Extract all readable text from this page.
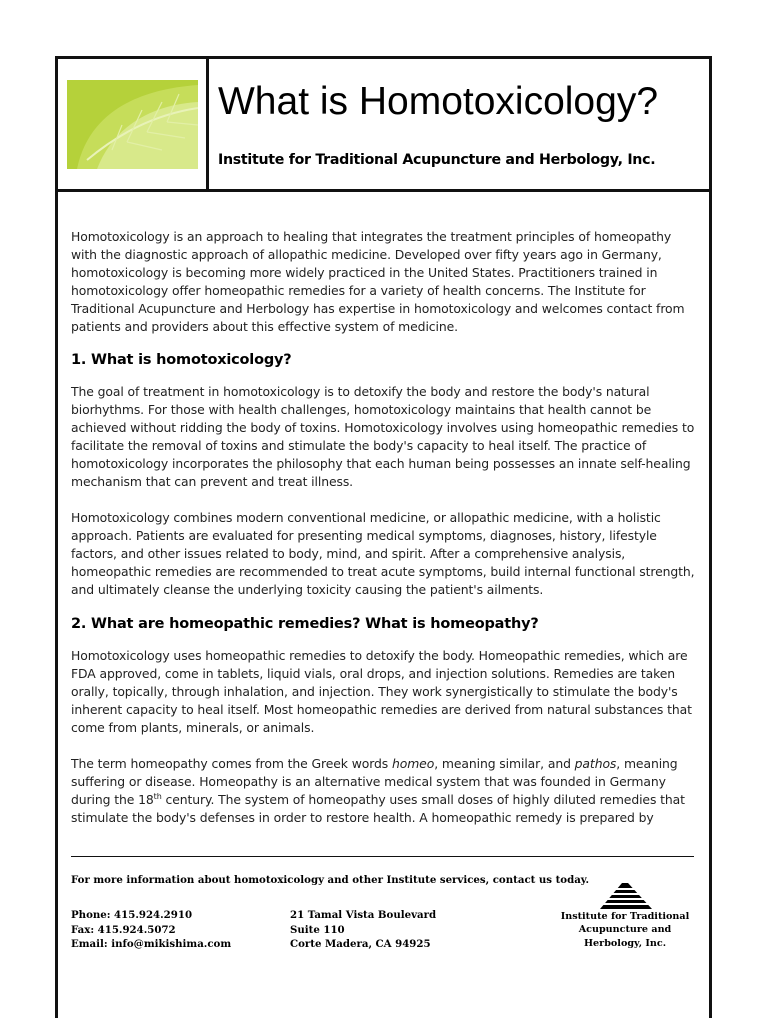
What is Homotoxicology?
Institute for Traditional Acupuncture and Herbology, Inc.

Homotoxicology is an approach to healing that integrates the treatment principles of homeopathy with the diagnostic approach of allopathic medicine. Developed over fifty years ago in Germany, homotoxicology is becoming more widely practiced in the United States. Practitioners trained in homotoxicology offer homeopathic remedies for a variety of health concerns. The Institute for Traditional Acupuncture and Herbology has expertise in homotoxicology and welcomes contact from patients and providers about this effective system of medicine.

1. What is homotoxicology?

The goal of treatment in homotoxicology is to detoxify the body and restore the body's natural biorhythms. For those with health challenges, homotoxicology maintains that health cannot be achieved without ridding the body of toxins. Homotoxicology involves using homeopathic remedies to facilitate the removal of toxins and stimulate the body's capacity to heal itself. The practice of homotoxicology incorporates the philosophy that each human being possesses an innate self-healing mechanism that can prevent and treat illness.

Homotoxicology combines modern conventional medicine, or allopathic medicine, with a holistic approach. Patients are evaluated for presenting medical symptoms, diagnoses, history, lifestyle factors, and other issues related to body, mind, and spirit. After a comprehensive analysis, homeopathic remedies are recommended to treat acute symptoms, build internal functional strength, and ultimately cleanse the underlying toxicity causing the patient's ailments.

2. What are homeopathic remedies? What is homeopathy?

Homotoxicology uses homeopathic remedies to detoxify the body. Homeopathic remedies, which are FDA approved, come in tablets, liquid vials, oral drops, and injection solutions. Remedies are taken orally, topically, through inhalation, and injection. They work synergistically to stimulate the body's inherent capacity to heal itself. Most homeopathic remedies are derived from natural substances that come from plants, minerals, or animals.

The term homeopathy comes from the Greek words homeo, meaning similar, and pathos, meaning suffering or disease. Homeopathy is an alternative medical system that was founded in Germany during the 18th century. The system of homeopathy uses small doses of highly diluted remedies that stimulate the body's defenses in order to restore health. A homeopathic remedy is prepared by

For more information about homotoxicology and other Institute services, contact us today.
Phone: 415.924.2910
Fax: 415.924.5072
Email: info@mikishima.com
21 Tamal Vista Boulevard
Suite 110
Corte Madera, CA 94925
Institute for Traditional
Acupuncture and
Herbology, Inc.
